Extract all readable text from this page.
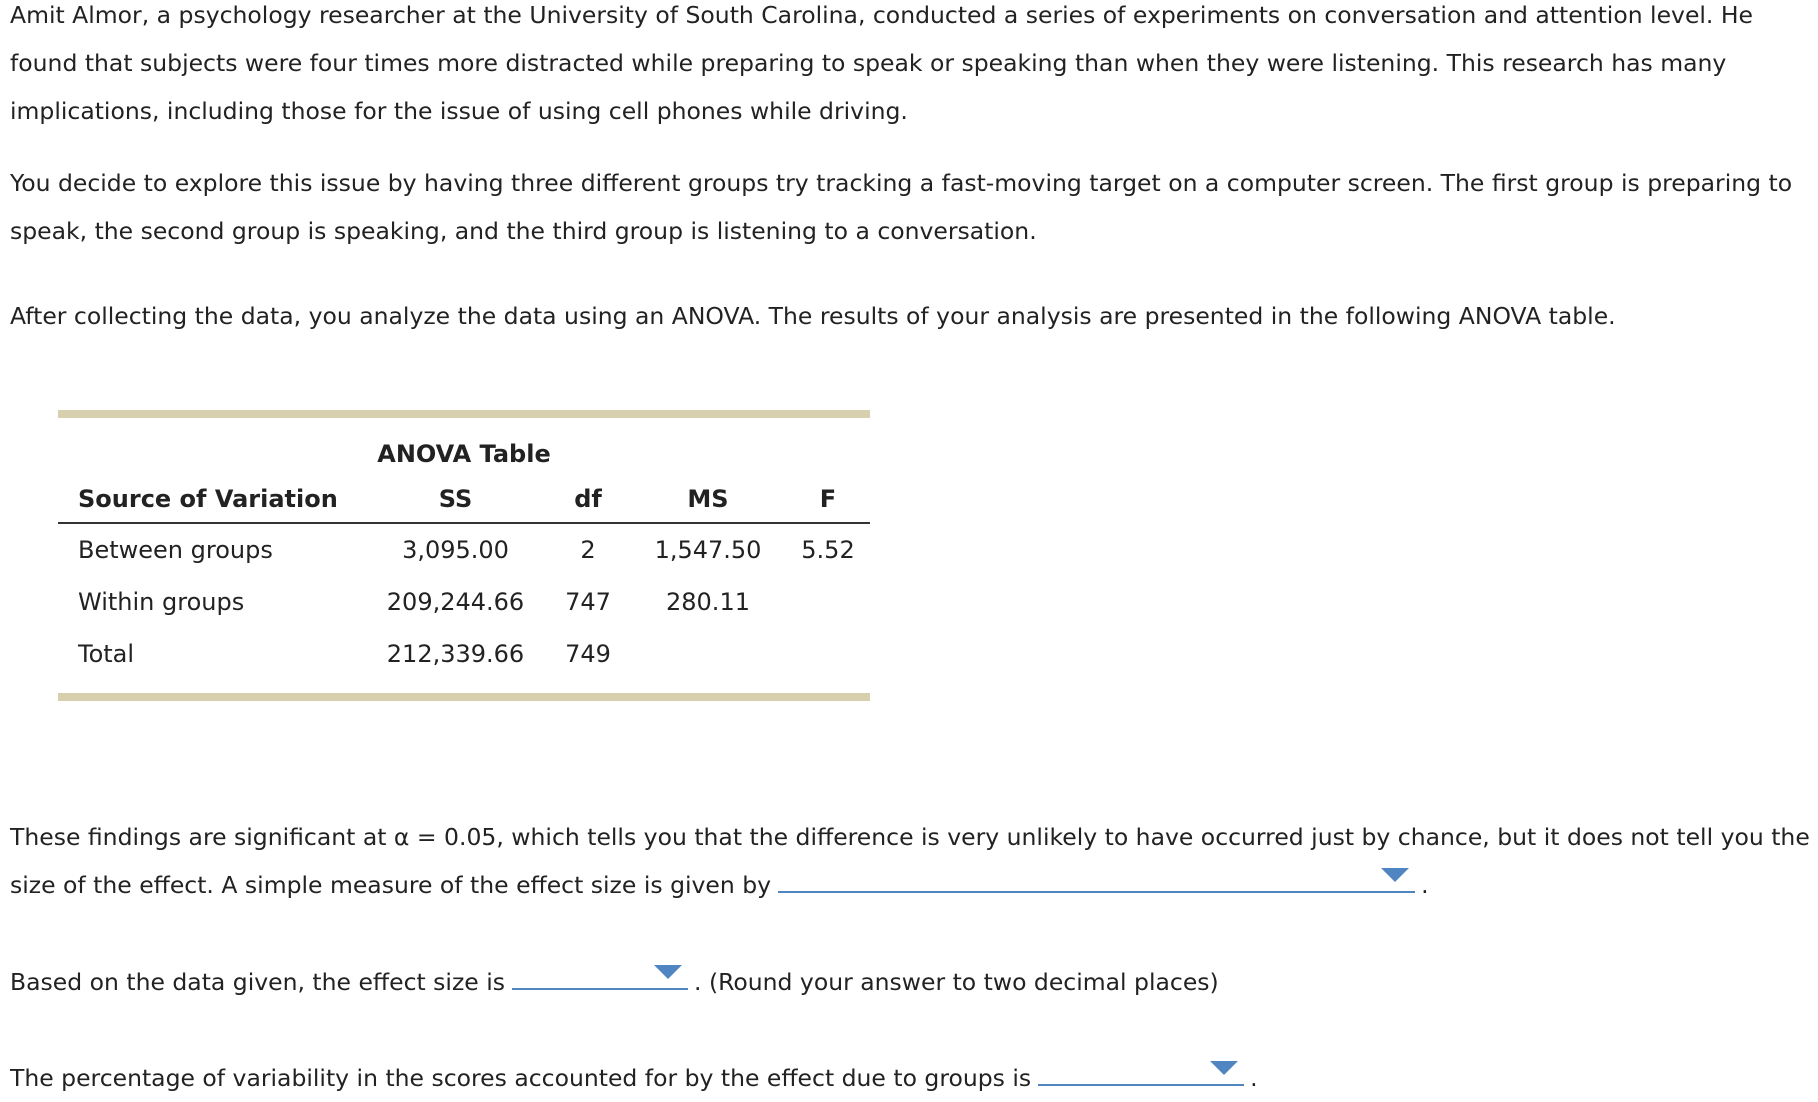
Amit Almor, a psychology researcher at the University of South Carolina, conducted a series of experiments on conversation and attention level. He found that subjects were four times more distracted while preparing to speak or speaking than when they were listening. This research has many implications, including those for the issue of using cell phones while driving.

You decide to explore this issue by having three different groups try tracking a fast-moving target on a computer screen. The first group is preparing to speak, the second group is speaking, and the third group is listening to a conversation.

After collecting the data, you analyze the data using an ANOVA. The results of your analysis are presented in the following ANOVA table.

ANOVA Table
Source of Variation	SS	df	MS	F
Between groups	3,095.00	2	1,547.50	5.52
Within groups	209,244.66	747	280.11
Total	212,339.66	749

These findings are significant at α = 0.05, which tells you that the difference is very unlikely to have occurred just by chance, but it does not tell you the size of the effect. A simple measure of the effect size is given by	.

Based on the data given, the effect size is	. (Round your answer to two decimal places)

The percentage of variability in the scores accounted for by the effect due to groups is	.
